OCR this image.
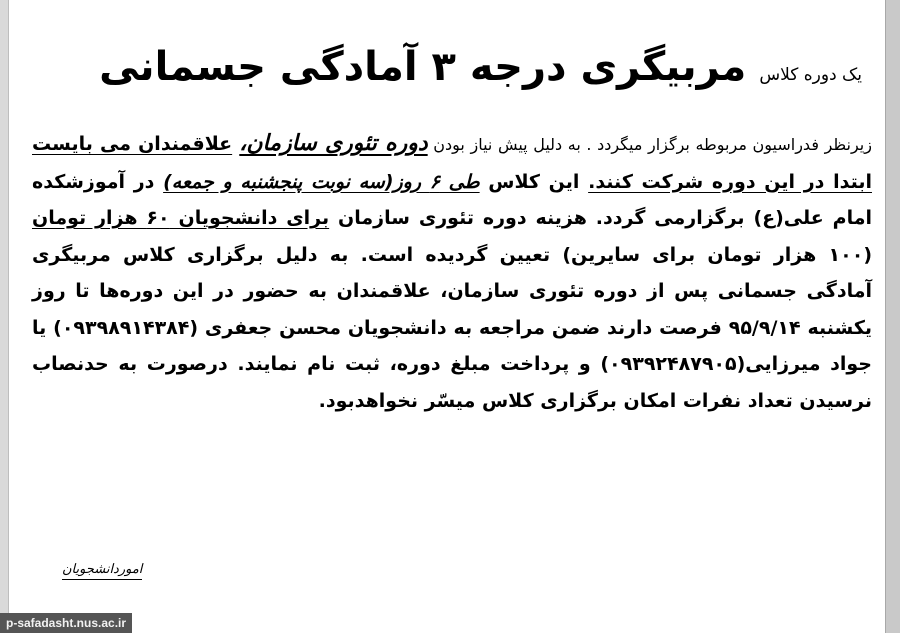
یک دوره کلاس مربیگری درجه ۳ آمادگی جسمانی
زیرنظر فدراسیون مربوطه برگزار میگردد . به دلیل پیش نیاز بودن دوره تئوری سازمان، علاقمندان می بایست ابتدا در این دوره شرکت کنند. این کلاس طی ۶ روز(سه نوبت پنجشنبه و جمعه) در آموزشکده امام علی(ع) برگزارمی گردد. هزینه دوره تئوری سازمان برای دانشجویان ۶۰ هزار تومان (۱۰۰ هزار تومان برای سایرین) تعیین گردیده است. به دلیل برگزاری کلاس مربیگری آمادگی جسمانی پس از دوره تئوری سازمان، علاقمندان به حضور در این دوره‌ها تا روز یکشنبه ۹۵/۹/۱۴ فرصت دارند ضمن مراجعه به دانشجویان محسن جعفری (۰۹۳۹۸۹۱۴۳۸۴) یا جواد میرزایی(۰۹۳۹۲۴۸۷۹۰۵) و پرداخت مبلغ دوره، ثبت نام نمایند. درصورت به حدنصاب نرسیدن تعداد نفرات امکان برگزاری کلاس میسّر نخواهدبود.
اموردانشجویان
p-safadasht.nus.ac.ir
